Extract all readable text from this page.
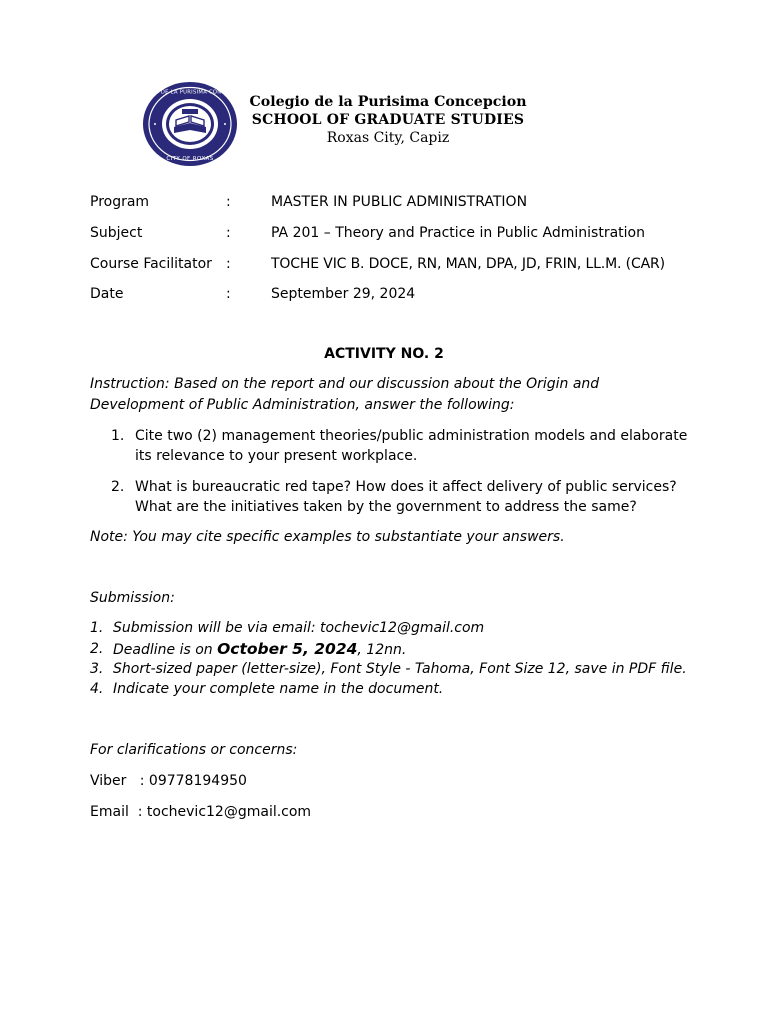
COLEGIO DE LA PURISIMA CONCEPCION
CITY OF ROXAS
Colegio de la Purisima Concepcion
SCHOOL OF GRADUATE STUDIES
Roxas City, Capiz
Program	:	MASTER IN PUBLIC ADMINISTRATION
Subject	:	PA 201 – Theory and Practice in Public Administration
Course Facilitator :	TOCHE VIC B. DOCE, RN, MAN, DPA, JD, FRIN, LL.M. (CAR)
Date	:	September 29, 2024
ACTIVITY NO. 2
Instruction: Based on the report and our discussion about the Origin and Development of Public Administration, answer the following:
1. Cite two (2) management theories/public administration models and elaborate its relevance to your present workplace.
2. What is bureaucratic red tape? How does it affect delivery of public services? What are the initiatives taken by the government to address the same?
Note: You may cite specific examples to substantiate your answers.
Submission:
1. Submission will be via email: tochevic12@gmail.com
2. Deadline is on October 5, 2024, 12nn.
3. Short-sized paper (letter-size), Font Style - Tahoma, Font Size 12, save in PDF file.
4. Indicate your complete name in the document.
For clarifications or concerns:
Viber   : 09778194950
Email  : tochevic12@gmail.com
